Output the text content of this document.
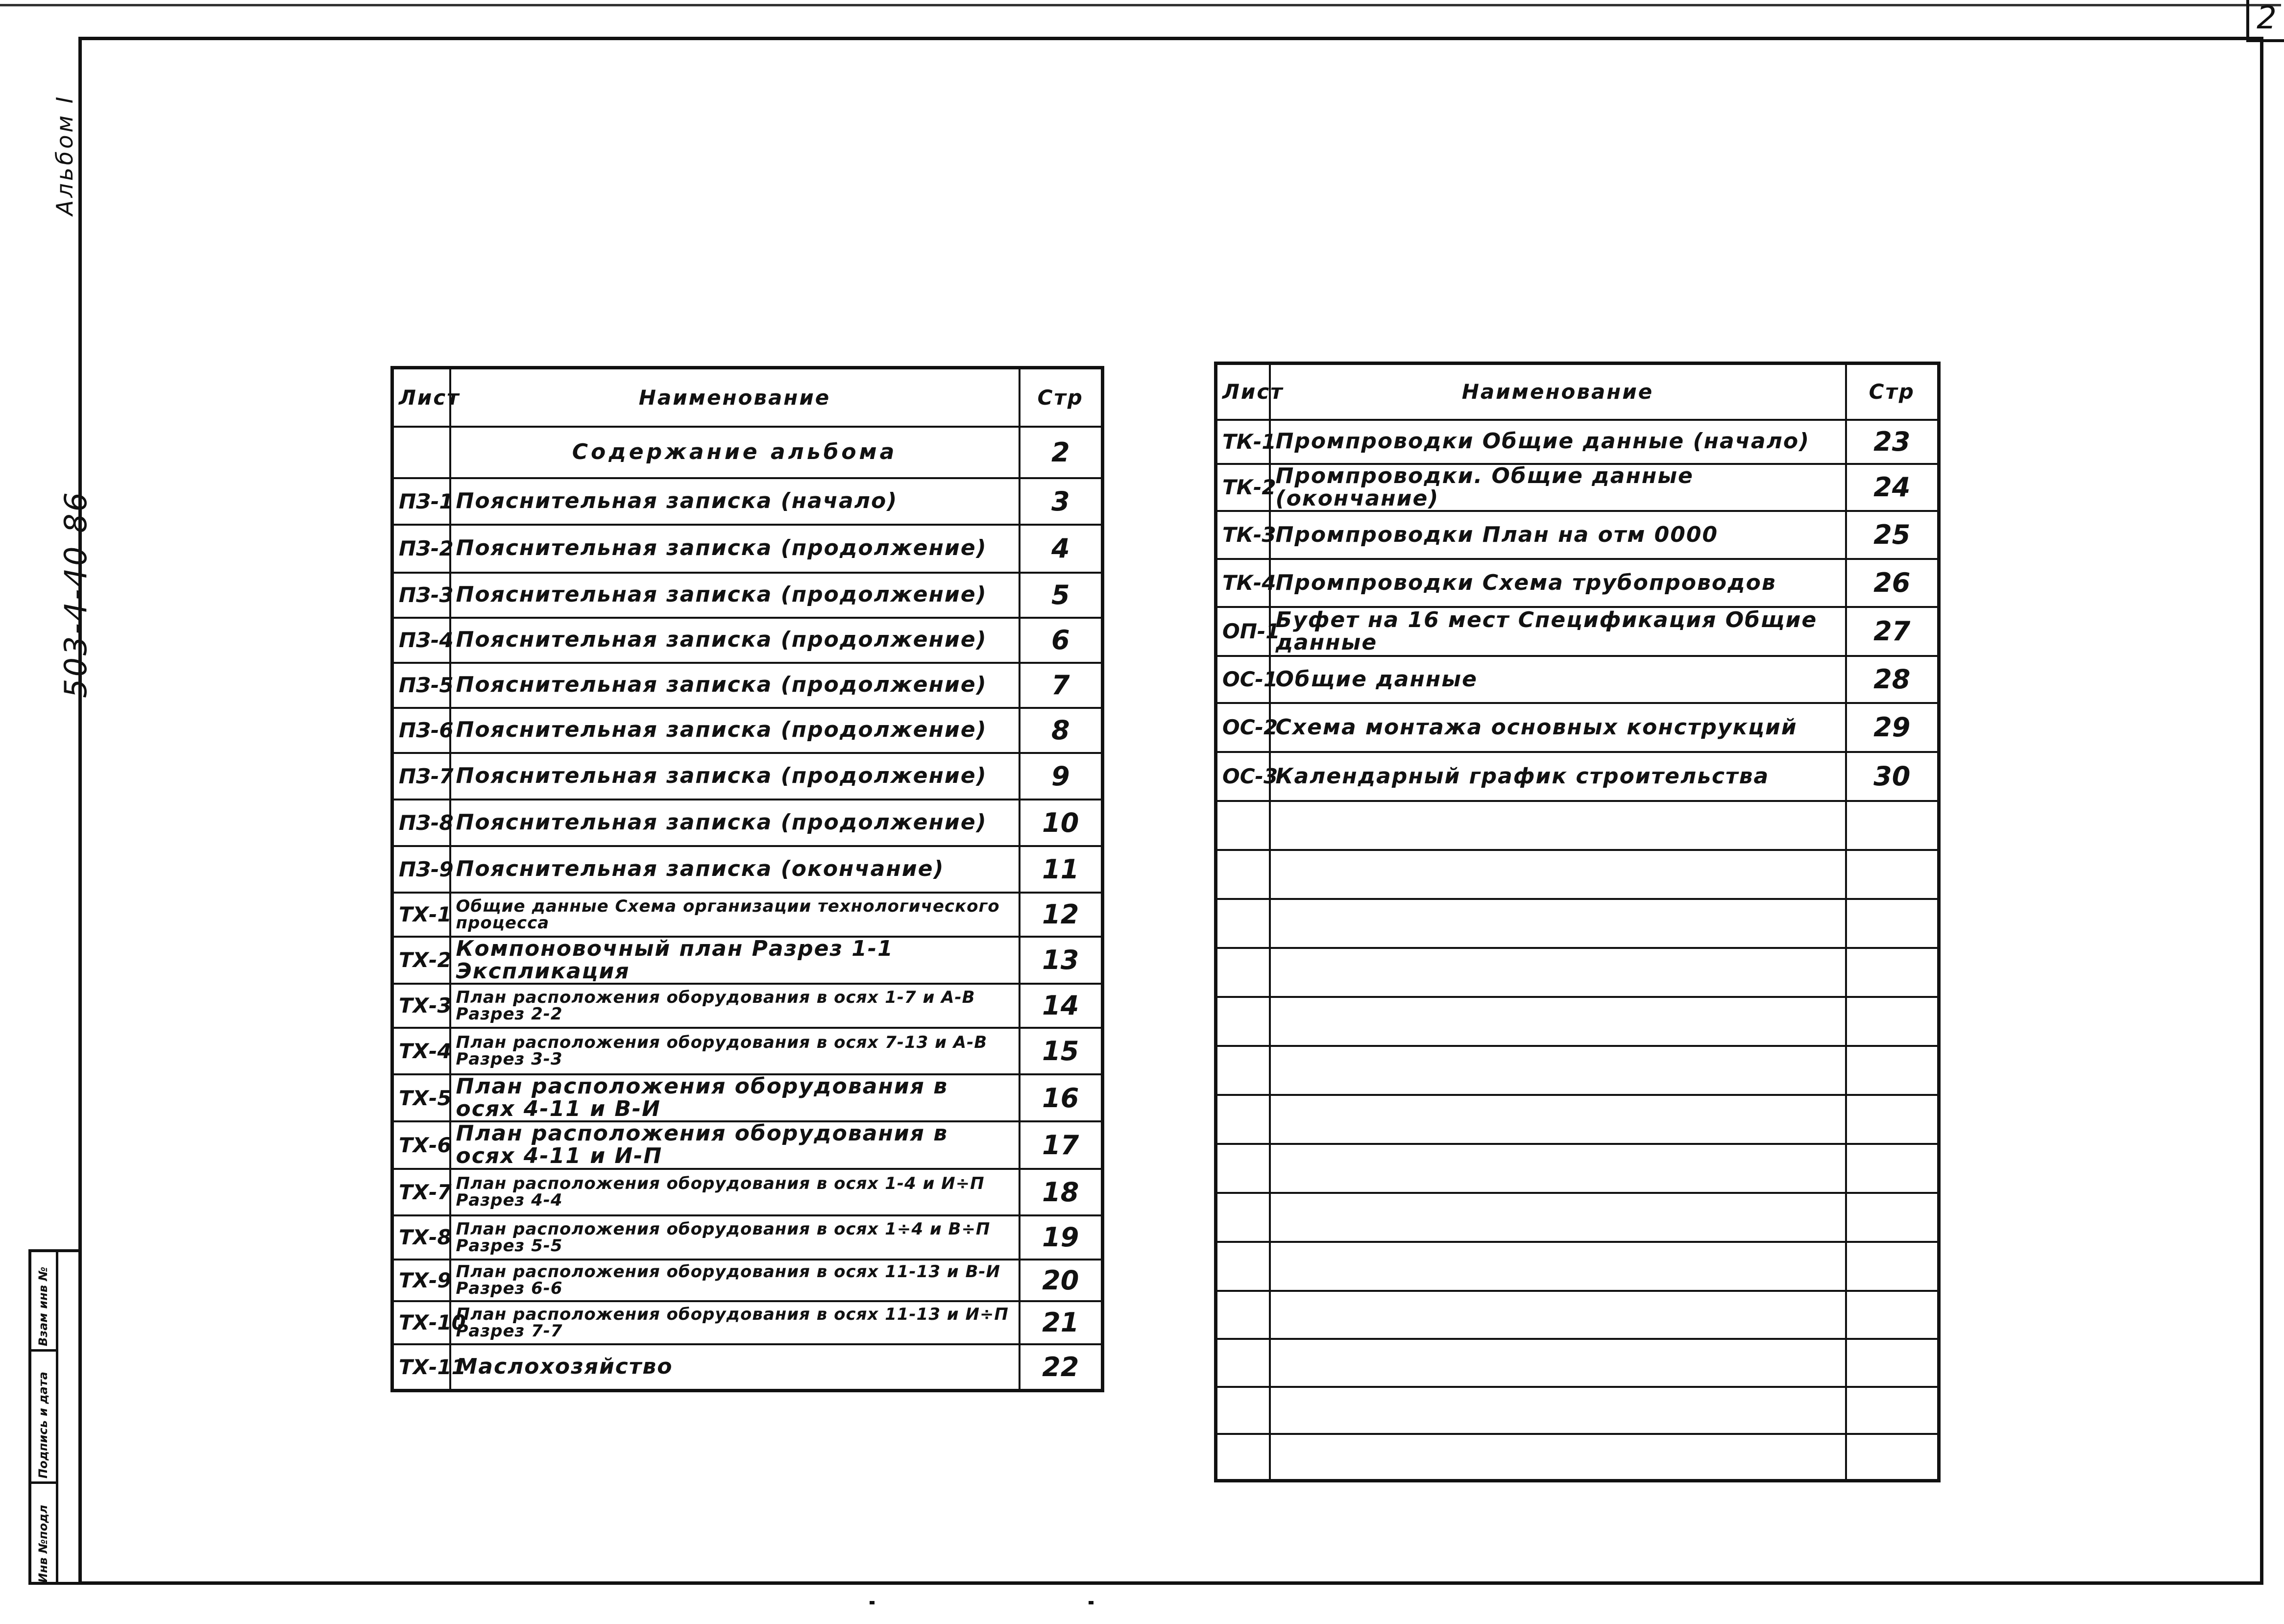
2
Альбом I
503-4-40 86
Инв №подл
Подпись и дата
Взам инв №
Лист	Наименование	Стр
	Содержание альбома	2
ПЗ-1	Пояснительная записка (начало)	3
ПЗ-2	Пояснительная записка (продолжение)	4
ПЗ-3	Пояснительная записка (продолжение)	5
ПЗ-4	Пояснительная записка (продолжение)	6
ПЗ-5	Пояснительная записка (продолжение)	7
ПЗ-6	Пояснительная записка (продолжение)	8
ПЗ-7	Пояснительная записка (продолжение)	9
ПЗ-8	Пояснительная записка (продолжение)	10
ПЗ-9	Пояснительная записка (окончание)	11
ТХ-1	Общие данные Схема организации технологического процесса	12
ТХ-2	Компоновочный план Разрез 1-1 Экспликация	13
ТХ-3	План расположения оборудования в осях 1-7 и А-В Разрез 2-2	14
ТХ-4	План расположения оборудования в осях 7-13 и А-В Разрез 3-3	15
ТХ-5	План расположения оборудования в осях 4-11 и В-И	16
ТХ-6	План расположения оборудования в осях 4-11 и И-П	17
ТХ-7	План расположения оборудования в осях 1-4 и И÷П Разрез 4-4	18
ТХ-8	План расположения оборудования в осях 1÷4 и В÷П Разрез 5-5	19
ТХ-9	План расположения оборудования в осях 11-13 и В-И Разрез 6-6	20
ТХ-10	План расположения оборудования в осях 11-13 и И÷П Разрез 7-7	21
ТХ-11	Маслохозяйство	22
Лист	Наименование	Стр
ТК-1	Промпроводки Общие данные (начало)	23
ТК-2	Промпроводки. Общие данные (окончание)	24
ТК-3	Промпроводки План на отм 0000	25
ТК-4	Промпроводки Схема трубопроводов	26
ОП-1	Буфет на 16 мест Спецификация Общие данные	27
ОС-1	Общие данные	28
ОС-2	Схема монтажа основных конструкций	29
ОС-3	Календарный график строительства	30
